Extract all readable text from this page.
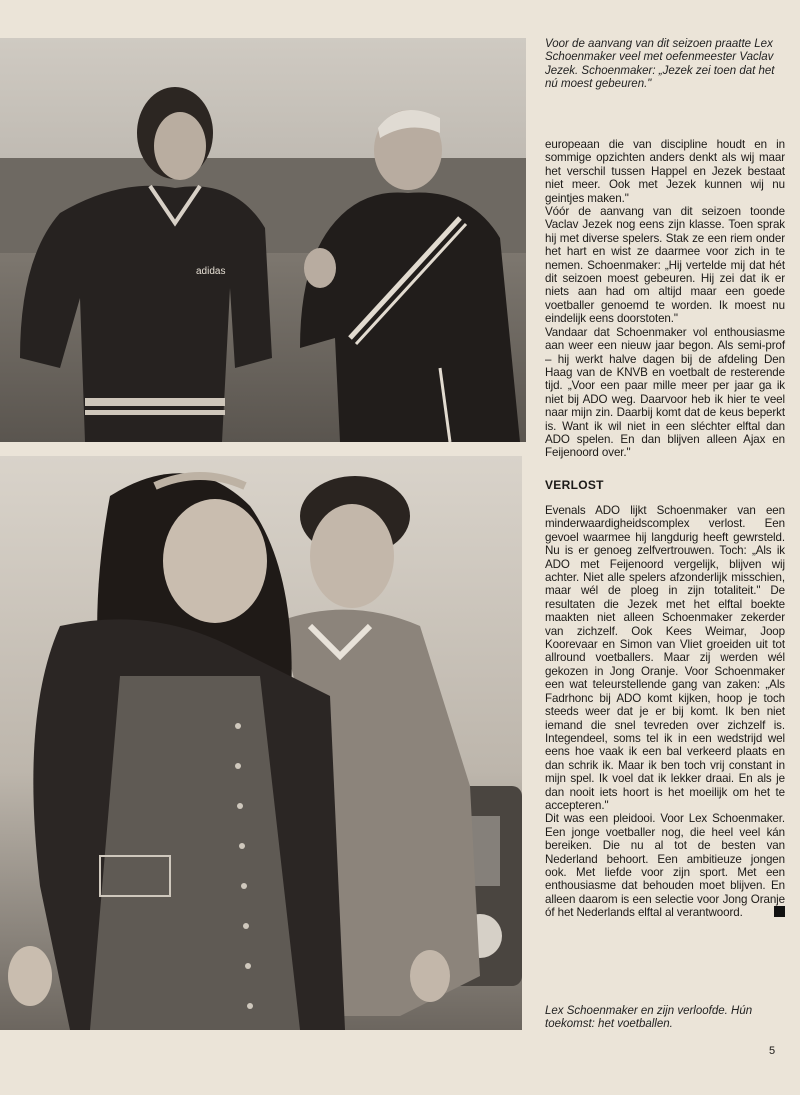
adidas
Voor de aanvang van dit seizoen praatte Lex Schoenmaker veel met oefenmeester Vaclav Jezek. Schoenmaker: „Jezek zei toen dat het nú moest gebeuren."

europeaan die van discipline houdt en in sommige opzichten anders denkt als wij maar het verschil tussen Happel en Jezek bestaat niet meer. Ook met Jezek kunnen wij nu geintjes maken."

Vóór de aanvang van dit seizoen toonde Vaclav Jezek nog eens zijn klasse. Toen sprak hij met diverse spelers. Stak ze een riem onder het hart en wist ze daarmee voor zich in te nemen. Schoenmaker: „Hij vertelde mij dat hét dit seizoen moest gebeuren. Hij zei dat ik er niets aan had om altijd maar een goede voetballer genoemd te worden. Ik moest nu eindelijk eens doorstoten."

Vandaar dat Schoenmaker vol enthousiasme aan weer een nieuw jaar begon. Als semi-prof – hij werkt halve dagen bij de afdeling Den Haag van de KNVB en voetbalt de resterende tijd. „Voor een paar mille meer per jaar ga ik niet bij ADO weg. Daarvoor heb ik hier te veel naar mijn zin. Daarbij komt dat de keus beperkt is. Want ik wil niet in een sléchter elftal dan ADO spelen. En dan blijven alleen Ajax en Feijenoord over."

VERLOST

Evenals ADO lijkt Schoenmaker van een minderwaardigheidscomplex verlost. Een gevoel waarmee hij langdurig heeft gewrsteld. Nu is er genoeg zelfvertrouwen. Toch: „Als ik ADO met Feijenoord vergelijk, blijven wij achter. Niet alle spelers afzonderlijk misschien, maar wél de ploeg in zijn totaliteit." De resultaten die Jezek met het elftal boekte maakten niet alleen Schoenmaker zekerder van zichzelf. Ook Kees Weimar, Joop Koorevaar en Simon van Vliet groeiden uit tot allround voetballers. Maar zij werden wél gekozen in Jong Oranje. Voor Schoenmaker een wat teleurstellende gang van zaken: „Als Fadrhonc bij ADO komt kijken, hoop je toch steeds weer dat je er bij komt. Ik ben niet iemand die snel tevreden over zichzelf is. Integendeel, soms tel ik in een wedstrijd wel eens hoe vaak ik een bal verkeerd plaats en dan schrik ik. Maar ik ben toch vrij constant in mijn spel. Ik voel dat ik lekker draai. En als je dan nooit iets hoort is het moeilijk om het te accepteren."

Dit was een pleidooi. Voor Lex Schoenmaker. Een jonge voetballer nog, die heel veel kán bereiken. Die nu al tot de besten van Nederland behoort. Een ambitieuze jongen ook. Met liefde voor zijn sport. Met een enthousiasme dat behouden moet blijven. En alleen daarom is een selectie voor Jong Oranje óf het Nederlands elftal al verantwoord.

Lex Schoenmaker en zijn verloofde. Hún toekomst: het voetballen.
5
